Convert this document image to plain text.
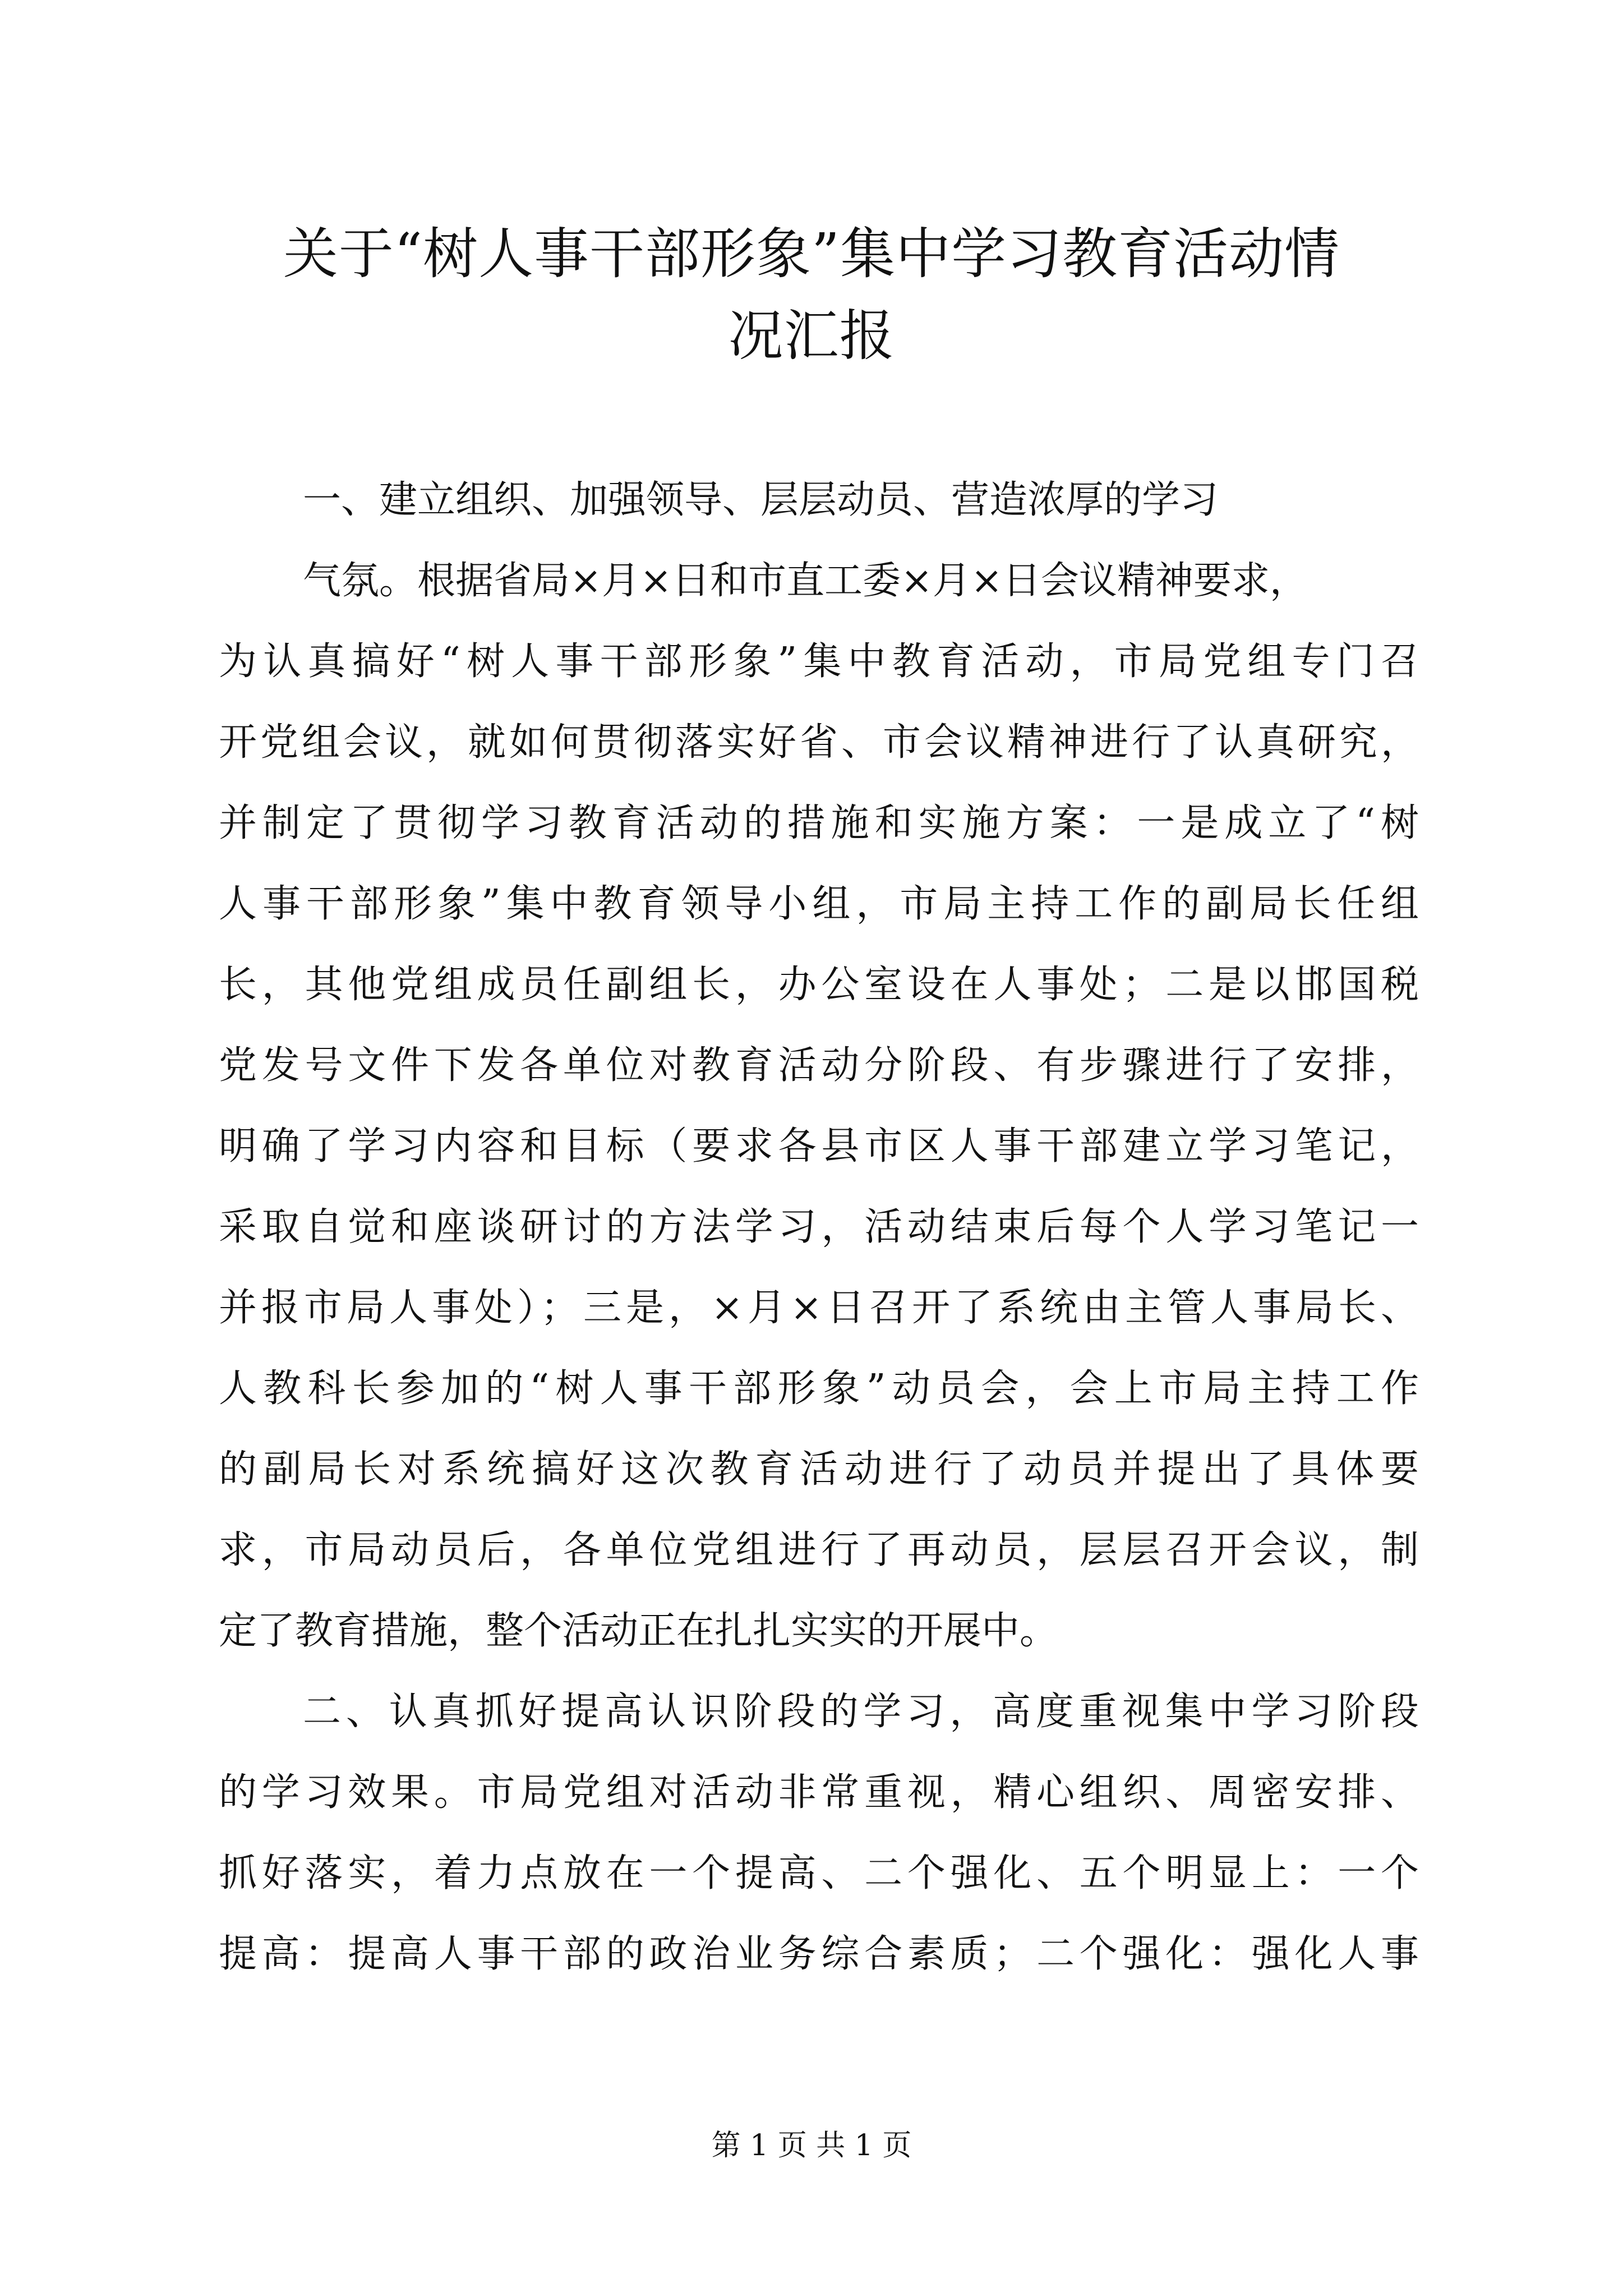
关于“树人事干部形象”集中学习教育活动情
况汇报
一、建立组织、加强领导、层层动员、营造浓厚的学习
气氛。根据省局×月×日和市直工委×月×日会议精神要求，
为认真搞好“树人事干部形象”集中教育活动，市局党组专门召
开党组会议，就如何贯彻落实好省、市会议精神进行了认真研究，
并制定了贯彻学习教育活动的措施和实施方案：一是成立了“树
人事干部形象”集中教育领导小组，市局主持工作的副局长任组
长，其他党组成员任副组长，办公室设在人事处；二是以邯国税
党发号文件下发各单位对教育活动分阶段、有步骤进行了安排，
明确了学习内容和目标（要求各县市区人事干部建立学习笔记，
采取自觉和座谈研讨的方法学习，活动结束后每个人学习笔记一
并报市局人事处）；三是，×月×日召开了系统由主管人事局长、
人教科长参加的“树人事干部形象”动员会，会上市局主持工作
的副局长对系统搞好这次教育活动进行了动员并提出了具体要
求，市局动员后，各单位党组进行了再动员，层层召开会议，制
定了教育措施，整个活动正在扎扎实实的开展中。
二、认真抓好提高认识阶段的学习，高度重视集中学习阶段
的学习效果。市局党组对活动非常重视，精心组织、周密安排、
抓好落实，着力点放在一个提高、二个强化、五个明显上：一个
提高：提高人事干部的政治业务综合素质；二个强化：强化人事
第 1 页 共 1 页
